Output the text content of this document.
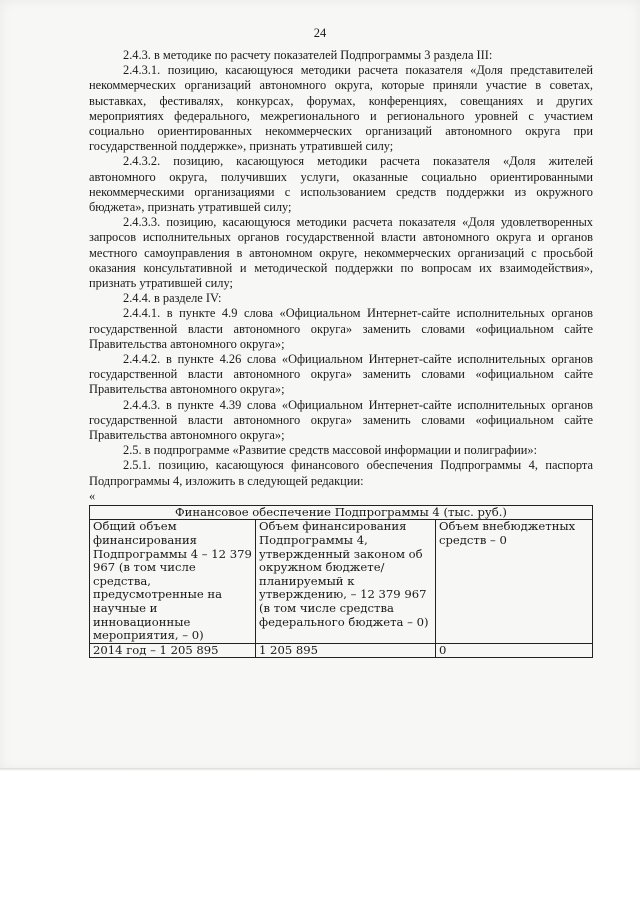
24

2.4.3. в методике по расчету показателей Подпрограммы 3 раздела III:

2.4.3.1. позицию, касающуюся методики расчета показателя «Доля представителей некоммерческих организаций автономного округа, которые приняли участие в советах, выставках, фестивалях, конкурсах, форумах, конференциях, совещаниях и других мероприятиях федерального, межрегионального и регионального уровней с участием социально ориентированных некоммерческих организаций автономного округа при государственной поддержке», признать утратившей силу;

2.4.3.2. позицию, касающуюся методики расчета показателя «Доля жителей автономного округа, получивших услуги, оказанные социально ориентированными некоммерческими организациями с использованием средств поддержки из окружного бюджета», признать утратившей силу;

2.4.3.3. позицию, касающуюся методики расчета показателя «Доля удовлетворенных запросов исполнительных органов государственной власти автономного округа и органов местного самоуправления в автономном округе, некоммерческих организаций с просьбой оказания консультативной и методической поддержки по вопросам их взаимодействия», признать утратившей силу;

2.4.4. в разделе IV:

2.4.4.1. в пункте 4.9 слова «Официальном Интернет-сайте исполнительных органов государственной власти автономного округа» заменить словами «официальном сайте Правительства автономного округа»;

2.4.4.2. в пункте 4.26 слова «Официальном Интернет-сайте исполнительных органов государственной власти автономного округа» заменить словами «официальном сайте Правительства автономного округа»;

2.4.4.3. в пункте 4.39 слова «Официальном Интернет-сайте исполнительных органов государственной власти автономного округа» заменить словами «официальном сайте Правительства автономного округа»;

2.5. в подпрограмме «Развитие средств массовой информации и полиграфии»:

2.5.1. позицию, касающуюся финансового обеспечения Подпрограммы 4, паспорта Подпрограммы 4, изложить в следующей редакции:

«

Финансовое обеспечение Подпрограммы 4 (тыс. руб.)		
Общий объем финансирования Подпрограммы 4 – 12 379 967 (в том числе средства, предусмотренные на научные и инновационные мероприятия, – 0)	Объем финансирования Подпрограммы 4, утвержденный законом об окружном бюджете/ планируемый к утверждению, – 12 379 967 (в том числе средства федерального бюджета – 0)	Объем внебюджетных средств – 0
2014 год – 1 205 895	1 205 895	0
